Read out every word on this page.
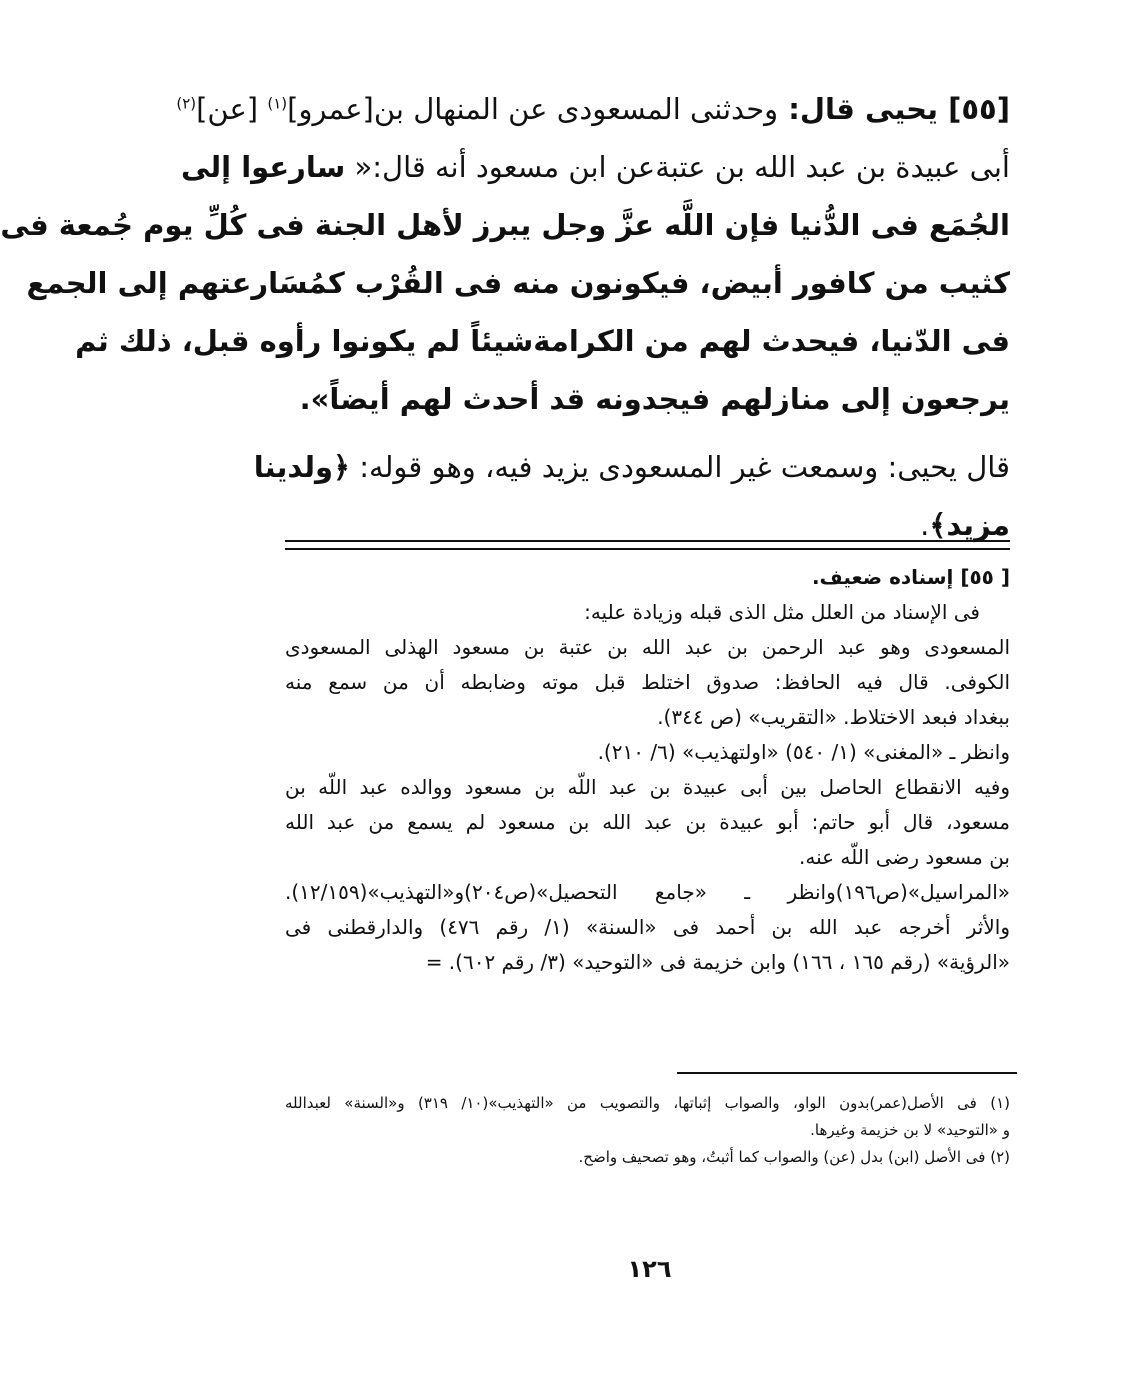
[٥٥] يحيى قال: وحدثنى المسعودى عن المنهال بن[عمرو]$^{(١)}$ [عن]$^{(٢)}$
أبى عبيدة بن عبد الله بن عتبةعن ابن مسعود أنه قال:« سارعوا إلى
الجُمَع فى الدُّنيا فإن اللَّه عزَّ وجل يبرز لأهل الجنة فى كُلِّ يوم جُمعة فى
كثيب من كافور أبيض، فيكونون منه فى القُرْب كمُسَارعتهم إلى الجمع
فى الدّنيا، فيحدث لهم من الكرامةشيئاً لم يكونوا رأوه قبل، ذلك ثم
يرجعون إلى منازلهم فيجدونه قد أحدث لهم أيضاً».
قال يحيى: وسمعت غير المسعودى يزيد فيه، وهو قوله: ﴿ولدينا
مزيد﴾.
[ ٥٥] إسناده ضعيف.
فى الإسناد من العلل مثل الذى قبله وزيادة عليه:
المسعودى وهو عبد الرحمن بن عبد الله بن عتبة بن مسعود الهذلى المسعودى
الكوفى. قال فيه الحافظ: صدوق اختلط قبل موته وضابطه أن من سمع منه
ببغداد فبعد الاختلاط. «التقريب» (ص ٣٤٤).
وانظر ـ «المغنى» (١/ ٥٤٠) «اولتهذيب» (٦/ ٢١٠).
وفيه الانقطاع الحاصل بين أبى عبيدة بن عبد اللّه بن مسعود ووالده عبد اللّه بن
مسعود، قال أبو حاتم: أبو عبيدة بن عبد الله بن مسعود لم يسمع من عبد الله
بن مسعود رضى اللّه عنه.
«المراسيل»(ص١٩٦)وانظر ـ «جامع التحصيل»(ص٢٠٤)و«التهذيب»(١٢/١٥٩).
والأثر أخرجه عبد الله بن أحمد فى «السنة» (١/ رقم ٤٧٦) والدارقطنى فى
«الرؤية» (رقم ١٦٥ ، ١٦٦) وابن خزيمة فى «التوحيد» (٣/ رقم ٦٠٢). =
(١) فى الأصل(عمر)بدون الواو، والصواب إثباتها، والتصويب من «التهذيب»(١٠/ ٣١٩) و«السنة» لعبدالله
و «التوحيد» لا بن خزيمة وغيرها.
(٢) فى الأصل (ابن) بدل (عن) والصواب كما أثبتُ، وهو تصحيف واضح.
١٢٦
